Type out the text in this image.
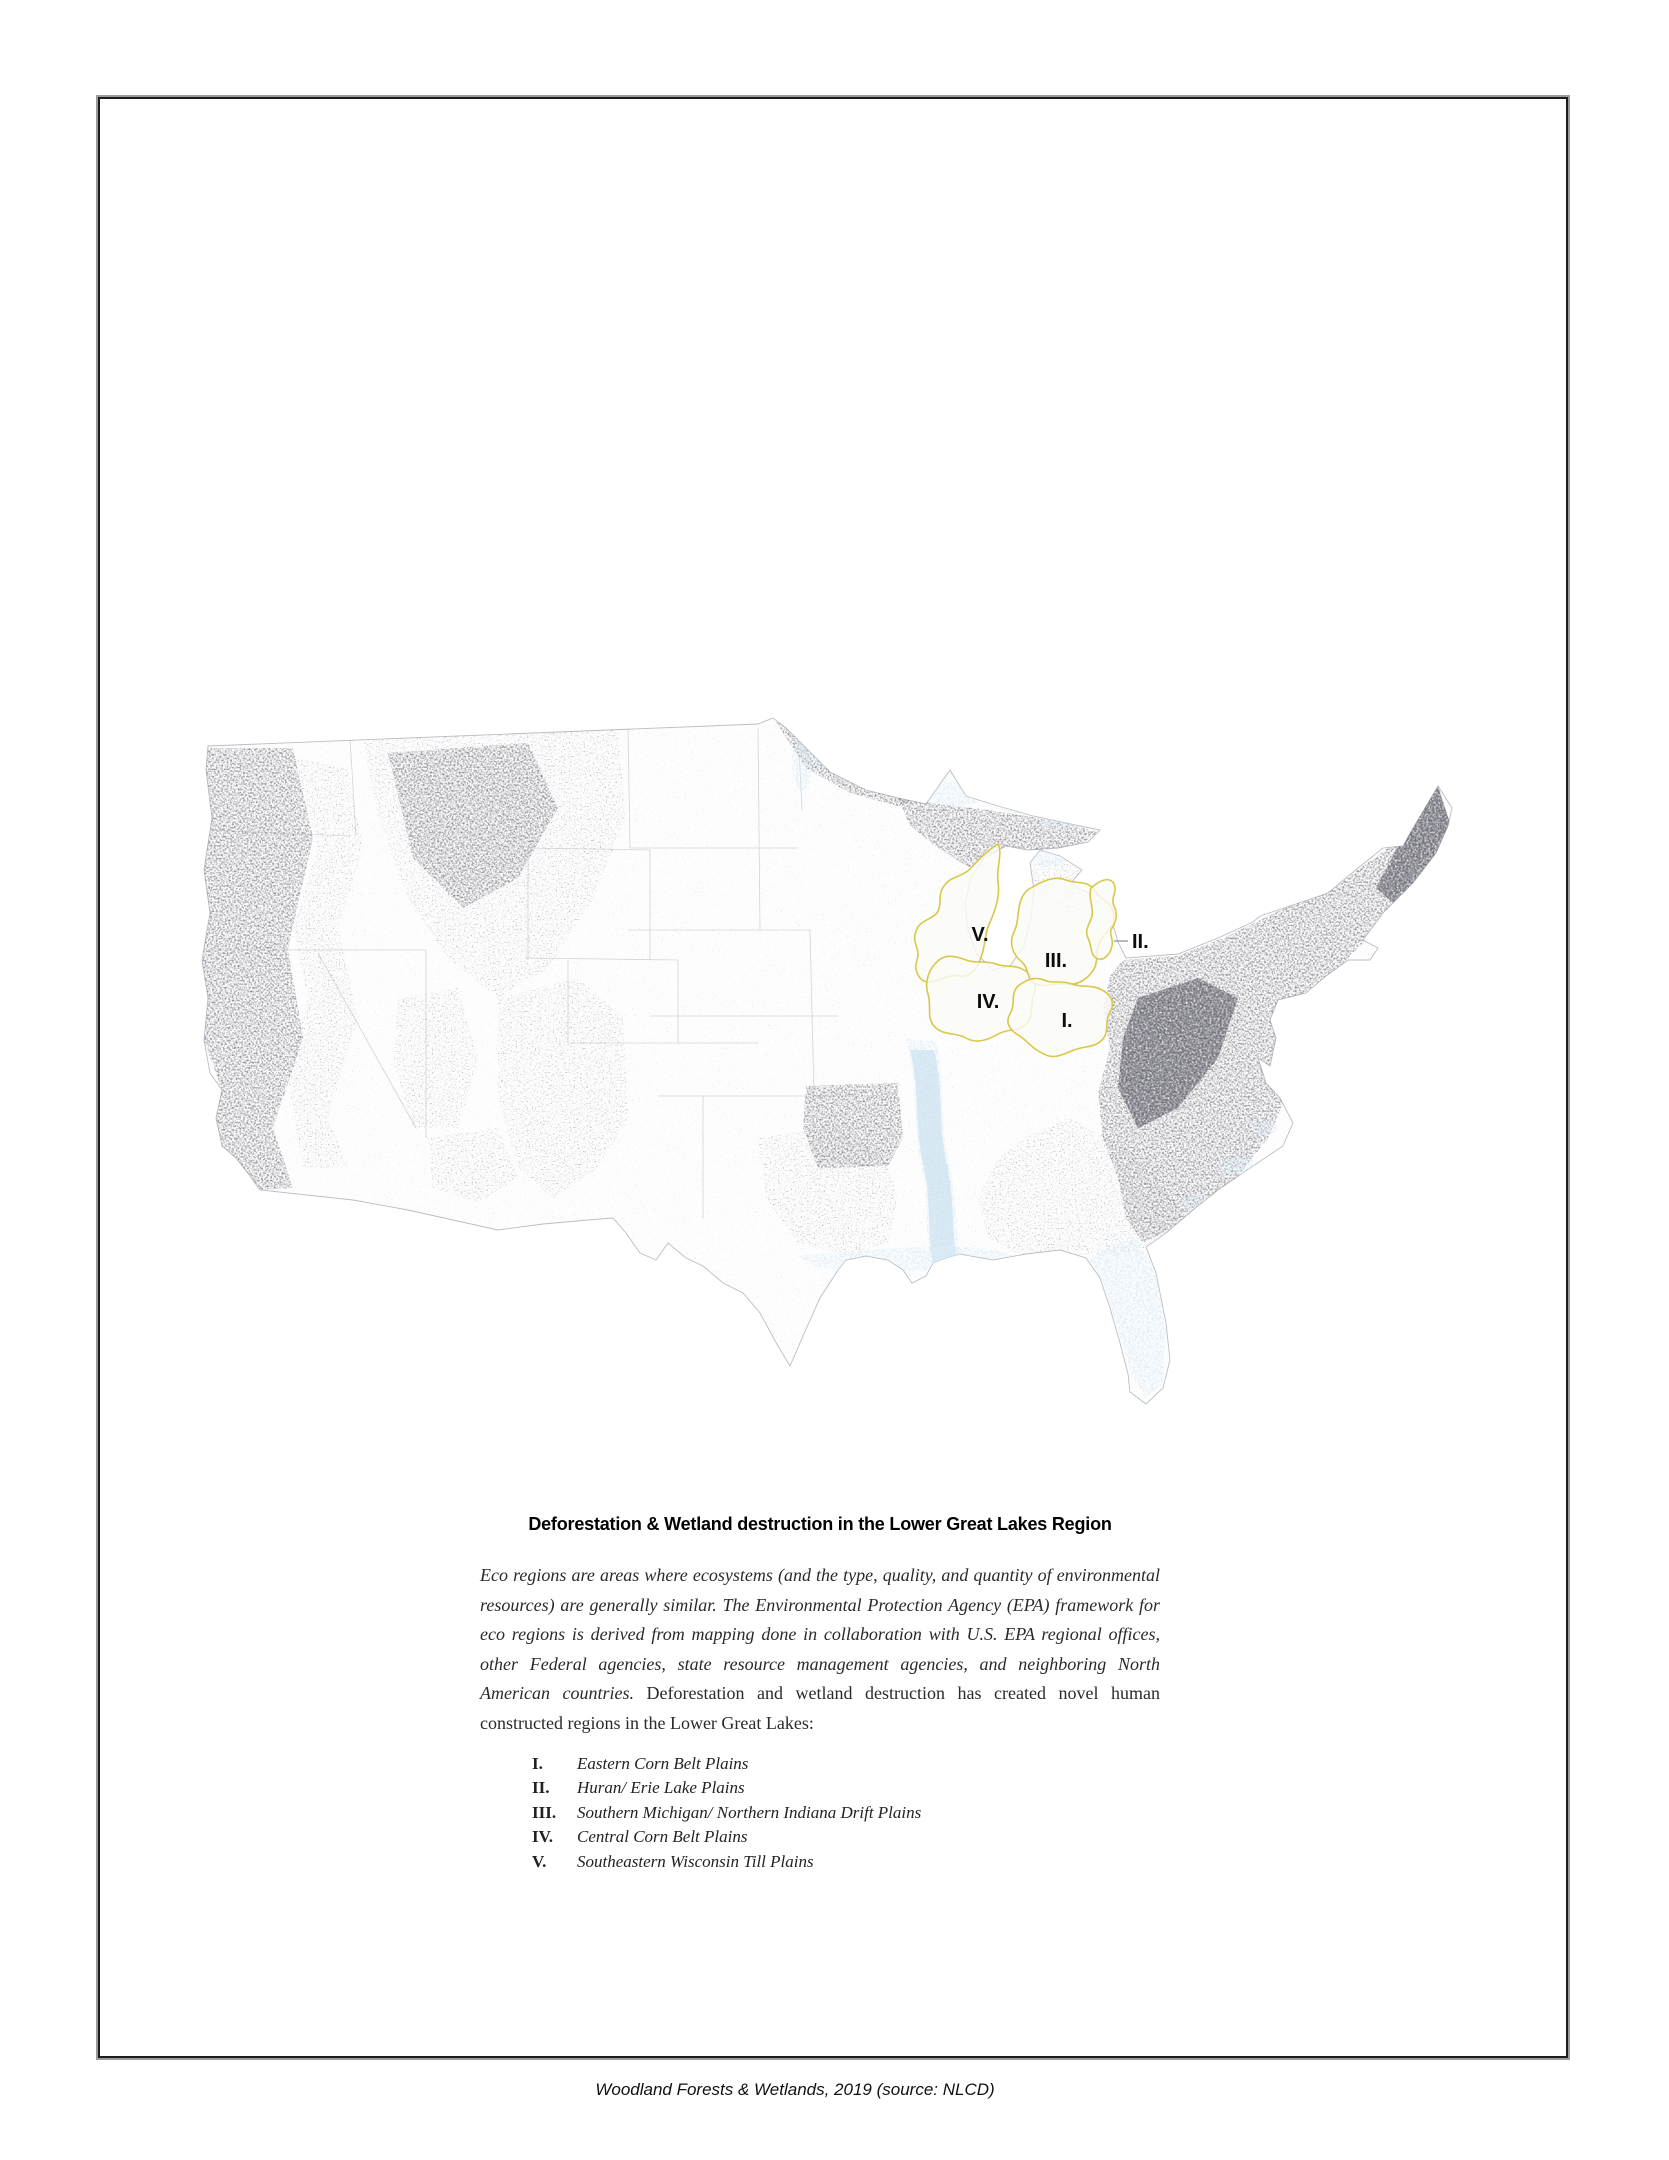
V.
III.
II.
IV.
I.
Deforestation & Wetland destruction in the Lower Great Lakes Region

Eco regions are areas where ecosystems (and the type, quality, and quantity of environmental resources) are generally similar. The Environmental Protection Agency (EPA) framework for eco regions is derived from mapping done in collaboration with U.S. EPA regional offices, other Federal agencies, state resource management agencies, and neighboring North American countries. Deforestation and wetland destruction has created novel human constructed regions in the Lower Great Lakes:

I.	Eastern Corn Belt Plains
II.	Huran/ Erie Lake Plains
III.	Southern Michigan/ Northern Indiana Drift Plains
IV.	Central Corn Belt Plains
V.	Southeastern Wisconsin Till Plains
Woodland Forests & Wetlands, 2019 (source: NLCD)
